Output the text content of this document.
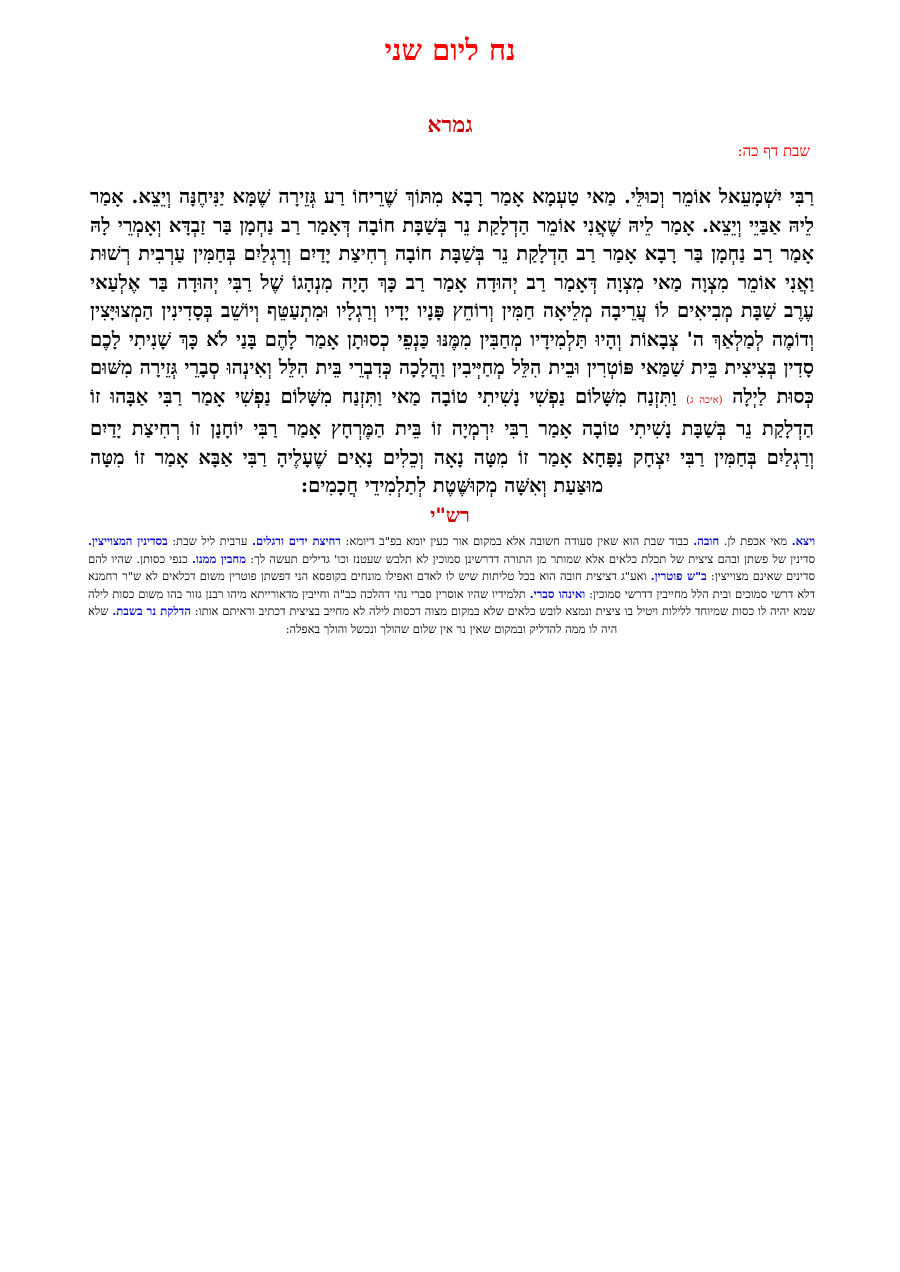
נח ליום שני
גמרא
שבת דף כה:

רַבִּי יִשְׁמָעֵאל אוֹמֵר וְכוּלֵּי. מַאי טַעְמָא אָמַר רָבָא מִתּוֹךְ שֶׁרֵיחוֹ רַע גְּזֵירָה שֶׁמָּא יַנִּיחֶנָּה וְיֵצֵא. אָמַר לֵיהּ אַבַּיֵי וְיֵצֵא. אָמַר לֵיהּ שֶׁאֲנִי אוֹמֵר הַדְלָקַת נֵר בְּשַׁבָּת חוֹבָה דְּאָמַר רַב נַחְמָן בַּר זַבְדָּא וְאָמְרֵי לָהּ אָמַר רַב נַחְמָן בַּר רָבָא אָמַר רַב הַדְלָקַת נֵר בְּשַׁבָּת חוֹבָה רְחִיצַת יָדַיִם וְרַגְלַיִם בְּחַמִּין עַרְבִית רְשׁוּת וַאֲנִי אוֹמֵר מִצְוָה מַאי מִצְוָה דְּאָמַר רַב יְהוּדָה אָמַר רַב כָּךְ הָיָה מִנְהָגוֹ שֶׁל רַבִּי יְהוּדָה בַּר אֶלְעַאי עֶרֶב שַׁבָּת מְבִיאִים לוֹ עֲרֵיבָה מְלֵיאָה חַמִּין וְרוֹחֵץ פָּנָיו יָדָיו וְרַגְלָיו וּמִתְעַטֵּף וְיוֹשֵׁב בְּסָדִינִין הַמְצוּיָּצִין וְדוֹמֶה לְמַלְאַךְ ה' צְבָאוֹת וְהָיוּ תַּלְמִידָיו מְחַבִּין מִמֶּנּוּ כַּנְפֵי כְסוּתָן אָמַר לָהֶם בָּנַי לֹא כָּךְ שָׁנִיתִי לָכֶם סָדִין בְּצִיצִית בֵּית שַׁמַּאי פּוֹטְרִין וּבֵית הִלֵּל מְחַיְּיבִין וַהֲלָכָה כְּדִבְרֵי בֵּית הִלֵּל וְאִינְהוּ סְבָרֵי גְּזֵירָה מִשּׁוּם כְּסוּת לַיְלָה (איכה ג) וַתִּזְנַח מִשָּׁלוֹם נַפְשִׁי נָשִׁיתִי טוֹבָה מַאי וַתִּזְנַח מִשָּׁלוֹם נַפְשִׁי אָמַר רַבִּי אַבָּהוּ זוֹ הַדְלָקַת נֵר בְּשַׁבָּת נָשִׁיתִי טוֹבָה אָמַר רַבִּי יִרְמְיָה זוֹ בֵּית הַמֶּרְחָץ אָמַר רַבִּי יוֹחָנָן זוֹ רְחִיצַת יָדַיִם וְרַגְלַיִם בְּחַמִּין רַבִּי יִצְחָק נַפָּחָא אָמַר זוֹ מִטָּה נָאָה וְכֵלִים נָאִים שֶׁעָלֶיהָ רַבִּי אַבָּא אָמַר זוֹ מִטָּה מוּצַּעַת וְאִשָּׁה מְקוּשֶּׁטֶת לְתַלְמִידֵי חֲכָמִים:

רש"י

ויצא. מאי אכפת לן. חובה. כבוד שבת הוא שאין סעודה חשובה אלא במקום אור כעין יומא בפ"ב דיומא: רחיצת ידים ורגלים. ערבית ליל שבת: בסדינין המצוייצין. סדינין של פשתן ובהם ציצית של תכלת כלאים אלא שמותר מן התורה דדרשינן סמוכין לא תלבש שעטנז וכו' גדילים תעשה לך: מחבין ממנו. כנפי כסותן. שהיו להם סדינים שאינם מצוייצין: ב"ש פוטרין. ואע"ג דציצית חובה הוא בכל טליתות שיש לו לאדם ואפילו מונחים בקופסא הני דפשתן פוטרין משום דכלאים לא ש"ר רחמנא דלא דרשי סמוכים ובית הלל מחייבין דדרשי סמוכין: ואינהו סברי. תלמידיו שהיו אוסרין סברי נהי דהלכה כב"ה וחייבין מדאורייתא מיהו רבנן גזור בהו משום כסות לילה שמא יהיה לו כסות שמיוחד ללילות ויטיל בו ציצית ונמצא לובש כלאים שלא במקום מצוה דכסות לילה לא מחייב בציצית דכתיב וראיתם אותו: הדלקת נר בשבת. שלא היה לו ממה להדליק ובמקום שאין נר אין שלום שהולך ונכשל והולך באפלה:
